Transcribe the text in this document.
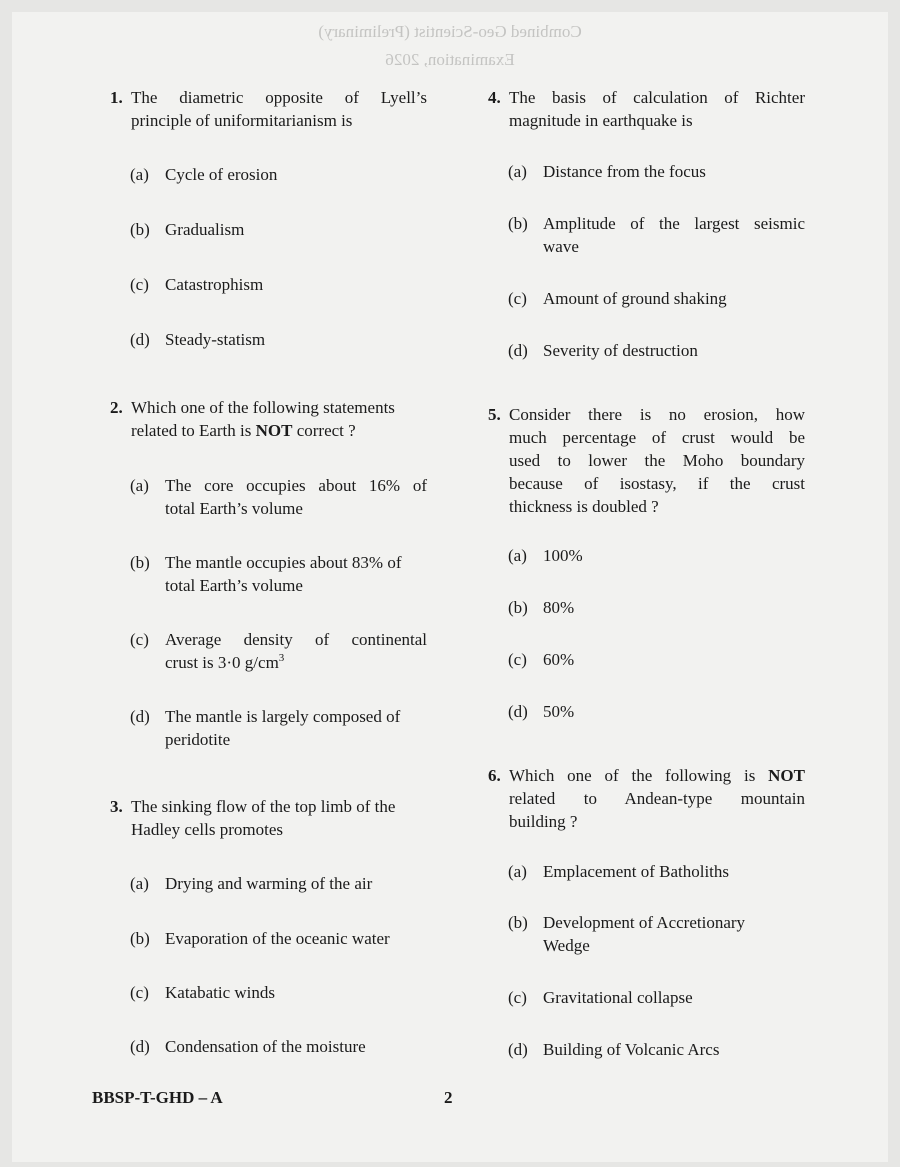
Combined Geo-Scientist (Preliminary)
Examination, 2026
1. The diametric opposite of Lyell’s
principle of uniformitarianism is
(a) Cycle of erosion
(b) Gradualism
(c) Catastrophism
(d) Steady-statism
2. Which one of the following statements
related to Earth is NOT correct ?
(a) The core occupies about 16% of
total Earth’s volume
(b) The mantle occupies about 83% of
total Earth’s volume
(c) Average density of continental
crust is 3·0 $g/cm^3$
(d) The mantle is largely composed of
peridotite
3. The sinking flow of the top limb of the
Hadley cells promotes
(a) Drying and warming of the air
(b) Evaporation of the oceanic water
(c) Katabatic winds
(d) Condensation of the moisture
4. The basis of calculation of Richter
magnitude in earthquake is
(a) Distance from the focus
(b) Amplitude of the largest seismic
wave
(c) Amount of ground shaking
(d) Severity of destruction
5. Consider there is no erosion, how
much percentage of crust would be
used to lower the Moho boundary
because of isostasy, if the crust
thickness is doubled ?
(a) 100%
(b) 80%
(c) 60%
(d) 50%
6. Which one of the following is NOT
related to Andean-type mountain
building ?
(a) Emplacement of Batholiths
(b) Development of Accretionary
Wedge
(c) Gravitational collapse
(d) Building of Volcanic Arcs
BBSP-T-GHD – A	2
